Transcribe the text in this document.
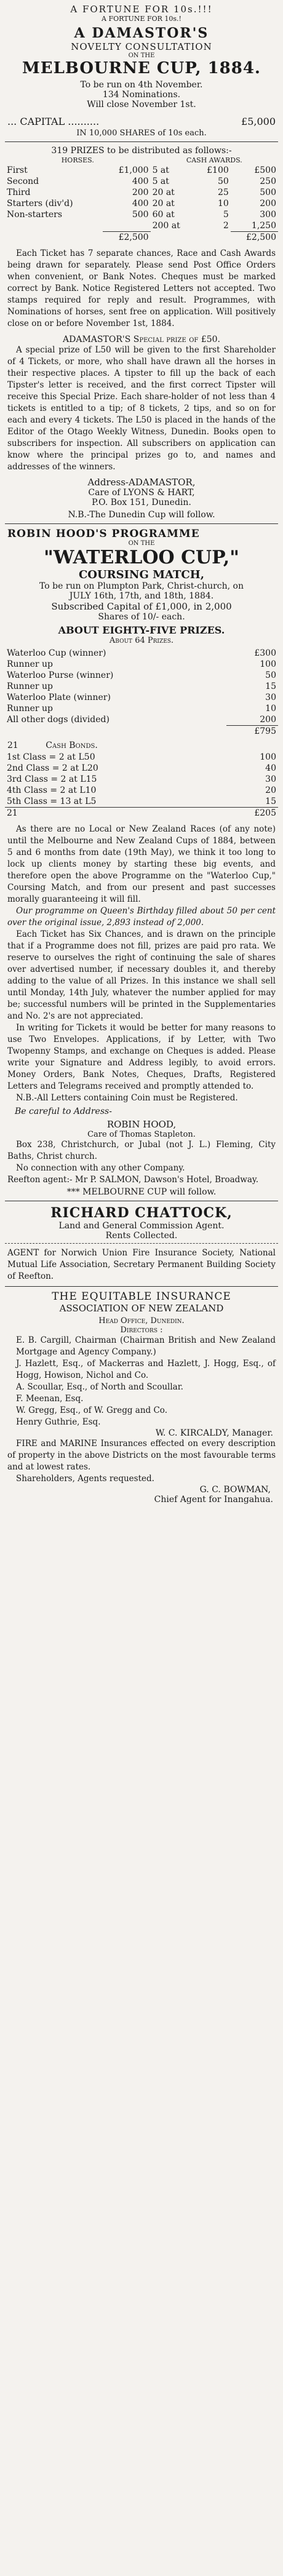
A FORTUNE FOR 10s.!!!
A FORTUNE FOR 10s.!
A DAMASTOR'S
NOVELTY CONSULTATION
ON THE
MELBOURNE CUP, 1884.
To be run on 4th November.
134 Nominations.
Will close November 1st.
... CAPITAL ..........	£5,000
IN 10,000 SHARES of 10s each.
319 PRIZES to be distributed as follows:-
HORSES.		CASH AWARDS.		
First	£1,000	5 at	£100	£500
Second	400	5 at	50	250
Third	200	20 at	25	500
Starters (div'd)	400	20 at	10	200
Non-starters	500	60 at	5	300
		200 at	2	1,250
	£2,500			£2,500

Each Ticket has 7 separate chances, Race and Cash Awards being drawn for separately. Please send Post Office Orders when convenient, or Bank Notes. Cheques must be marked correct by Bank. Notice Registered Letters not accepted. Two stamps required for reply and result. Programmes, with Nominations of horses, sent free on application. Will positively close on or before November 1st, 1884.

ADAMASTOR'S Special prize of £50.

A special prize of L50 will be given to the first Shareholder of 4 Tickets, or more, who shall have drawn all the horses in their respective places. A tipster to fill up the back of each Tipster's letter is received, and the first correct Tipster will receive this Special Prize. Each share-holder of not less than 4 tickets is entitled to a tip; of 8 tickets, 2 tips, and so on for each and every 4 tickets. The L50 is placed in the hands of the Editor of the Otago Weekly Witness, Dunedin. Books open to subscribers for inspection. All subscribers on application can know where the principal prizes go to, and names and addresses of the winners.

Address-ADAMASTOR,
Care of LYONS & HART,
P.O. Box 151, Dunedin.
N.B.-The Dunedin Cup will follow.
ROBIN HOOD'S PROGRAMME
ON THE
"WATERLOO CUP,"
COURSING MATCH,
To be run on Plumpton Park, Christ-church, on
JULY 16th, 17th, and 18th, 1884.
Subscribed Capital of £1,000, in 2,000
Shares of 10/- each.
ABOUT EIGHTY-FIVE PRIZES.
About 64 Prizes.
Waterloo Cup (winner)	£300
Runner up	100
Waterloo Purse (winner)	50
Runner up	15
Waterloo Plate (winner)	30
Runner up	10
All other dogs (divided)	200
	£795
21	Cash Bonds.
1st Class = 2 at L50	100
2nd Class = 2 at L20	40
3rd Class = 2 at L15	30
4th Class = 2 at L10	20
5th Class = 13 at L5	15
21	£205

As there are no Local or New Zealand Races (of any note) until the Melbourne and New Zealand Cups of 1884, between 5 and 6 months from date (19th May), we think it too long to lock up clients money by starting these big events, and therefore open the above Programme on the "Waterloo Cup," Coursing Match, and from our present and past successes morally guaranteeing it will fill.

Our programme on Queen's Birthday filled about 50 per cent over the original issue, 2,893 instead of 2,000.

Each Ticket has Six Chances, and is drawn on the principle that if a Programme does not fill, prizes are paid pro rata. We reserve to ourselves the right of continuing the sale of shares over advertised number, if necessary doubles it, and thereby adding to the value of all Prizes. In this instance we shall sell until Monday, 14th July, whatever the number applied for may be; successful numbers will be printed in the Supplementaries and No. 2's are not appreciated.

In writing for Tickets it would be better for many reasons to use Two Envelopes. Applications, if by Letter, with Two Twopenny Stamps, and exchange on Cheques is added. Please write your Signature and Address legibly, to avoid errors. Money Orders, Bank Notes, Cheques, Drafts, Registered Letters and Telegrams received and promptly attended to.

N.B.-All Letters containing Coin must be Registered.

Be careful to Address-
ROBIN HOOD,
Care of Thomas Stapleton.

Box 238, Christchurch, or Jubal (not J. L.) Fleming, City Baths, Christ church.

No connection with any other Company.

Reefton agent:- Mr P. SALMON, Dawson's Hotel, Broadway.

*** MELBOURNE CUP will follow.
RICHARD CHATTOCK,
Land and General Commission Agent.
Rents Collected.

AGENT for Norwich Union Fire Insurance Society, National Mutual Life Association, Secretary Permanent Building Society of Reefton.

THE EQUITABLE INSURANCE
ASSOCIATION OF NEW ZEALAND
Head Office, Dunedin.
Directors :

E. B. Cargill, Chairman (Chairman British and New Zealand Mortgage and Agency Company.)

J. Hazlett, Esq., of Mackerras and Hazlett, J. Hogg, Esq., of Hogg, Howison, Nichol and Co.

A. Scoullar, Esq., of North and Scoullar.

F. Meenan, Esq.

W. Gregg, Esq., of W. Gregg and Co.

Henry Guthrie, Esq.

W. C. KIRCALDY, Manager.

FIRE and MARINE Insurances effected on every description of property in the above Districts on the most favourable terms and at lowest rates.

Shareholders, Agents requested.

G. C. BOWMAN,
Chief Agent for Inangahua.
